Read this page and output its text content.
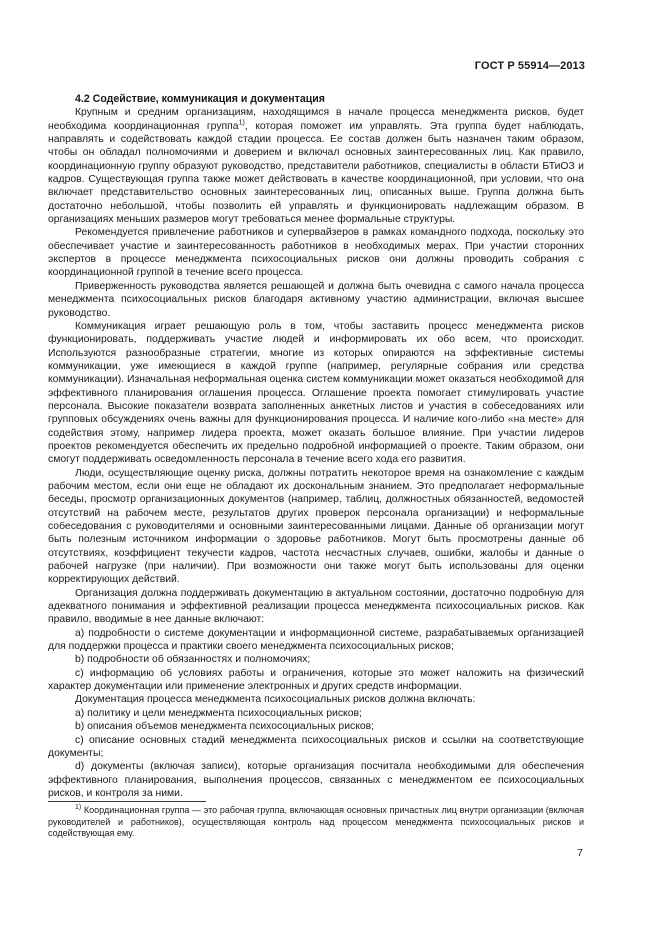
ГОСТ Р 55914—2013

4.2 Содействие, коммуникация и документация

Крупным и средним организациям, находящимся в начале процесса менеджмента рисков, будет необходима координационная группа$^{1)}$, которая поможет им управлять. Эта группа будет наблюдать, направлять и содействовать каждой стадии процесса. Ее состав должен быть назначен таким образом, чтобы он обладал полномочиями и доверием и включал основных заинтересованных лиц. Как правило, координационную группу образуют руководство, представители работников, специалисты в области БТиОЗ и кадров. Существующая группа также может действовать в качестве координационной, при условии, что она включает представительство основных заинтересованных лиц, описанных выше. Группа должна быть достаточно небольшой, чтобы позволить ей управлять и функционировать надлежащим образом. В организациях меньших размеров могут требоваться менее формальные структуры.

Рекомендуется привлечение работников и супервайзеров в рамках командного подхода, поскольку это обеспечивает участие и заинтересованность работников в необходимых мерах. При участии сторонних экспертов в процессе менеджмента психосоциальных рисков они должны проводить собрания с координационной группой в течение всего процесса.

Приверженность руководства является решающей и должна быть очевидна с самого начала процесса менеджмента психосоциальных рисков благодаря активному участию администрации, включая высшее руководство.

Коммуникация играет решающую роль в том, чтобы заставить процесс менеджмента рисков функционировать, поддерживать участие людей и информировать их обо всем, что происходит. Используются разнообразные стратегии, многие из которых опираются на эффективные системы коммуникации, уже имеющиеся в каждой группе (например, регулярные собрания или средства коммуникации). Изначальная неформальная оценка систем коммуникации может оказаться необходимой для эффективного планирования оглашения процесса. Оглашение проекта помогает стимулировать участие персонала. Высокие показатели возврата заполненных анкетных листов и участия в собеседованиях или групповых обсуждениях очень важны для функционирования процесса. И наличие кого-либо «на месте» для содействия этому, например лидера проекта, может оказать большое влияние. При участии лидеров проектов рекомендуется обеспечить их предельно подробной информацией о проекте. Таким образом, они смогут поддерживать осведомленность персонала в течение всего хода его развития.

Люди, осуществляющие оценку риска, должны потратить некоторое время на ознакомление с каждым рабочим местом, если они еще не обладают их доскональным знанием. Это предполагает неформальные беседы, просмотр организационных документов (например, таблиц, должностных обязанностей, ведомостей отсутствий на рабочем месте, результатов других проверок персонала организации) и неформальные собеседования с руководителями и основными заинтересованными лицами. Данные об организации могут быть полезным источником информации о здоровье работников. Могут быть просмотрены данные об отсутствиях, коэффициент текучести кадров, частота несчастных случаев, ошибки, жалобы и данные о рабочей нагрузке (при наличии). При возможности они также могут быть использованы для оценки корректирующих действий.

Организация должна поддерживать документацию в актуальном состоянии, достаточно подробную для адекватного понимания и эффективной реализации процесса менеджмента психосоциальных рисков. Как правило, вводимые в нее данные включают:

а) подробности о системе документации и информационной системе, разрабатываемых организацией для поддержки процесса и практики своего менеджмента психосоциальных рисков;

b) подробности об обязанностях и полномочиях;

c) информацию об условиях работы и ограничения, которые это может наложить на физический характер документации или применение электронных и других средств информации.

Документация процесса менеджмента психосоциальных рисков должна включать:

а) политику и цели менеджмента психосоциальных рисков;

b) описания объемов менеджмента психосоциальных рисков;

c) описание основных стадий менеджмента психосоциальных рисков и ссылки на соответствующие документы;

d) документы (включая записи), которые организация посчитала необходимыми для обеспечения эффективного планирования, выполнения процессов, связанных с менеджментом ее психосоциальных рисков, и контроля за ними.

$^{1)}$ Координационная группа — это рабочая группа, включающая основных причастных лиц внутри организации (включая руководителей и работников), осуществляющая контроль над процессом менеджмента психосоциальных рисков и содействующая ему.

7
